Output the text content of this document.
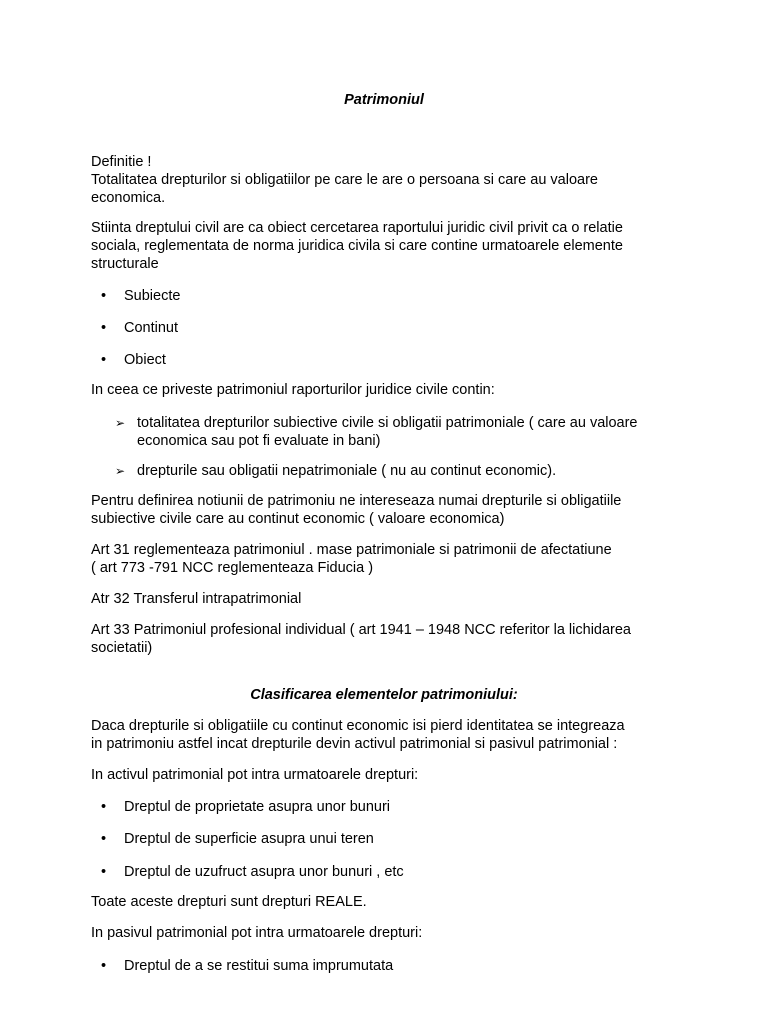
Patrimoniul

Definitie !

Totalitatea drepturilor si obligatiilor pe care le are o persoana si care au valoare

economica.

Stiinta dreptului civil are ca obiect cercetarea raportului juridic civil privit ca o relatie

sociala, reglementata de norma juridica civila si care contine urmatoarele elemente

structurale

• Subiecte
• Continut
• Obiect
In ceea ce priveste patrimoniul raporturilor juridice civile contin:
➢ totalitatea drepturilor subiective civile si obligatii patrimoniale ( care au valoare

economica sau pot fi evaluate in bani)

➢ drepturile sau obligatii nepatrimoniale ( nu au continut economic).

Pentru definirea notiunii de patrimoniu ne intereseaza numai drepturile si obligatiile

subiective civile care au continut economic ( valoare economica)

Art 31 reglementeaza patrimoniul . mase patrimoniale si patrimonii de afectatiune

( art 773 -791 NCC reglementeaza Fiducia )

Atr 32 Transferul intrapatrimonial

Art 33 Patrimoniul profesional individual ( art 1941 – 1948 NCC referitor la lichidarea

societatii)

Clasificarea elementelor patrimoniului:

Daca drepturile si obligatiile cu continut economic isi pierd identitatea se integreaza

in patrimoniu astfel incat drepturile devin activul patrimonial si pasivul patrimonial :

In activul patrimonial pot intra urmatoarele drepturi:
• Dreptul de proprietate asupra unor bunuri
• Dreptul de superficie asupra unui teren
• Dreptul de uzufruct asupra unor bunuri , etc
Toate aceste drepturi sunt drepturi REALE.
In pasivul patrimonial pot intra urmatoarele drepturi:
• Dreptul de a se restitui suma imprumutata
